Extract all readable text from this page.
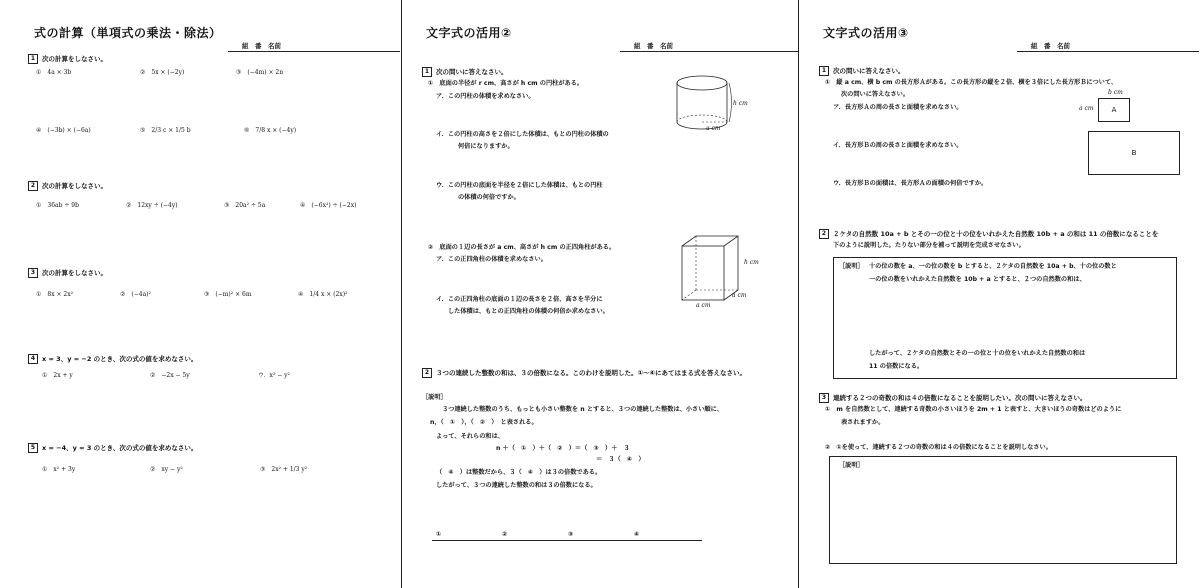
式の計算（単項式の乗法・除法）
組　番　名前
1 次の計算をしなさい。
①　4a × 3b	②　5x × (−2y)	③　(−4m) × 2n
④　(−3b) × (−6a)	⑤　2/3 c × 1/5 b	⑥　7/8 x × (−4y)
2 次の計算をしなさい。
①　36ab ÷ 9b	②　12xy ÷ (−4y)	③　20a² ÷ 5a	④　(−6x²) ÷ (−2x)
3 次の計算をしなさい。
①　8x × 2x²	②　(−4a)²	③　(−m)² × 6m	④　1/4 x × (2x)²
4 x = 3、y = −2 のとき、次の式の値を求めなさい。
①　2x + y	②　−2x − 5y	ウ．x² − y²
5 x = −4、y = 3 のとき、次の式の値を求めなさい。
①　x² + 3y	②　xy − y²	③　2x² + 1/3 y²
文字式の活用②
組　番　名前
1 次の問いに答えなさい。
①　底面の半径が r cm、高さが h cm の円柱がある。
ア．この円柱の体積を求めなさい。
イ．この円柱の高さを２倍にした体積は、もとの円柱の体積の
何倍になりますか。
ウ．この円柱の底面を半径を２倍にした体積は、もとの円柱
の体積の何倍ですか。
h cm
a cm
②　底面の１辺の長さが a cm、高さが h cm の正四角柱がある。
ア．この正四角柱の体積を求めなさい。
イ．この正四角柱の底面の１辺の長さを２倍、高さを半分に
した体積は、もとの正四角柱の体積の何倍か求めなさい。
h cm
a cm
a cm
2 ３つの連続した整数の和は、３の倍数になる。このわけを説明した。①〜④にあてはまる式を答えなさい。
［説明］
３つ連続した整数のうち、もっとも小さい整数を n とすると、３つの連続した整数は、小さい順に、
n，（　①　），（　②　）　と表される。
よって、それらの和は、
n ＋（　①　）＋（　②　）＝（　③　）＋　３
＝　３（　④　）
（　④　）は整数だから、３（　④　）は３の倍数である。
したがって、３つの連続した整数の和は３の倍数になる。
①	②	③	④
文字式の活用③
組　番　名前
1 次の問いに答えなさい。
①　縦 a cm、横 b cm の長方形Ａがある。この長方形の縦を２倍、横を３倍にした長方形Ｂについて、
次の問いに答えなさい。
ア．長方形Ａの周の長さと面積を求めなさい。
イ．長方形Ｂの周の長さと面積を求めなさい。
ウ．長方形Ｂの面積は、長方形Ａの面積の何倍ですか。
b cm
a cm	A
B
2 ２ケタの自然数 10a + b とその一の位と十の位をいれかえた自然数 10b + a の和は 11 の倍数になることを
下のように説明した。たりない部分を補って説明を完成させなさい。
［説明］ 十の位の数を a、一の位の数を b とすると、２ケタの自然数を 10a + b、十の位の数と
一の位の数をいれかえた自然数を 10b + a とすると、２つの自然数の和は、
したがって、２ケタの自然数とその一の位と十の位をいれかえた自然数の和は
11 の倍数になる。
3 連続する２つの奇数の和は４の倍数になることを説明したい。次の問いに答えなさい。
①　m を自然数として、連続する奇数の小さいほうを 2m + 1 と表すと、大きいほうの奇数はどのように
表されますか。
②　①を使って、連続する２つの奇数の和は４の倍数になることを説明しなさい。
［説明］
